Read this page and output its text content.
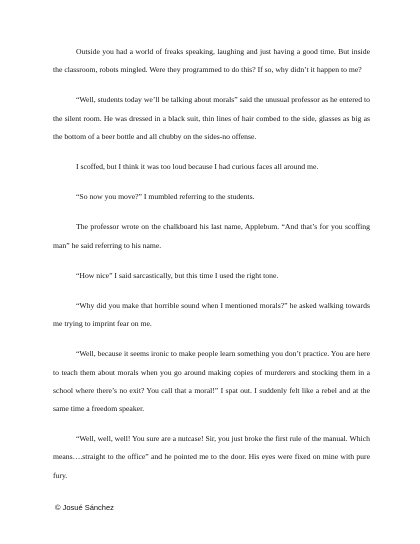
Outside you had a world of freaks speaking, laughing and just having a good time. But inside the classroom, robots mingled. Were they programmed to do this? If so, why didn’t it happen to me?

“Well, students today we’ll be talking about morals” said the unusual professor as he entered to the silent room. He was dressed in a black suit, thin lines of hair combed to the side, glasses as big as the bottom of a beer bottle and all chubby on the sides-no offense.

I scoffed, but I think it was too loud because I had curious faces all around me.

“So now you move?” I mumbled referring to the students.

The professor wrote on the chalkboard his last name, Applebum. “And that’s for you scoffing man” he said referring to his name.

“How nice” I said sarcastically, but this time I used the right tone.

“Why did you make that horrible sound when I mentioned morals?” he asked walking towards me trying to imprint fear on me.

“Well, because it seems ironic to make people learn something you don’t practice. You are here to teach them about morals when you go around making copies of murderers and stocking them in a school where there’s no exit? You call that a moral!” I spat out. I suddenly felt like a rebel and at the same time a freedom speaker.

“Well, well, well! You sure are a nutcase! Sir, you just broke the first rule of the manual. Which means….straight to the office” and he pointed me to the door. His eyes were fixed on mine with pure fury.

© Josué Sánchez
